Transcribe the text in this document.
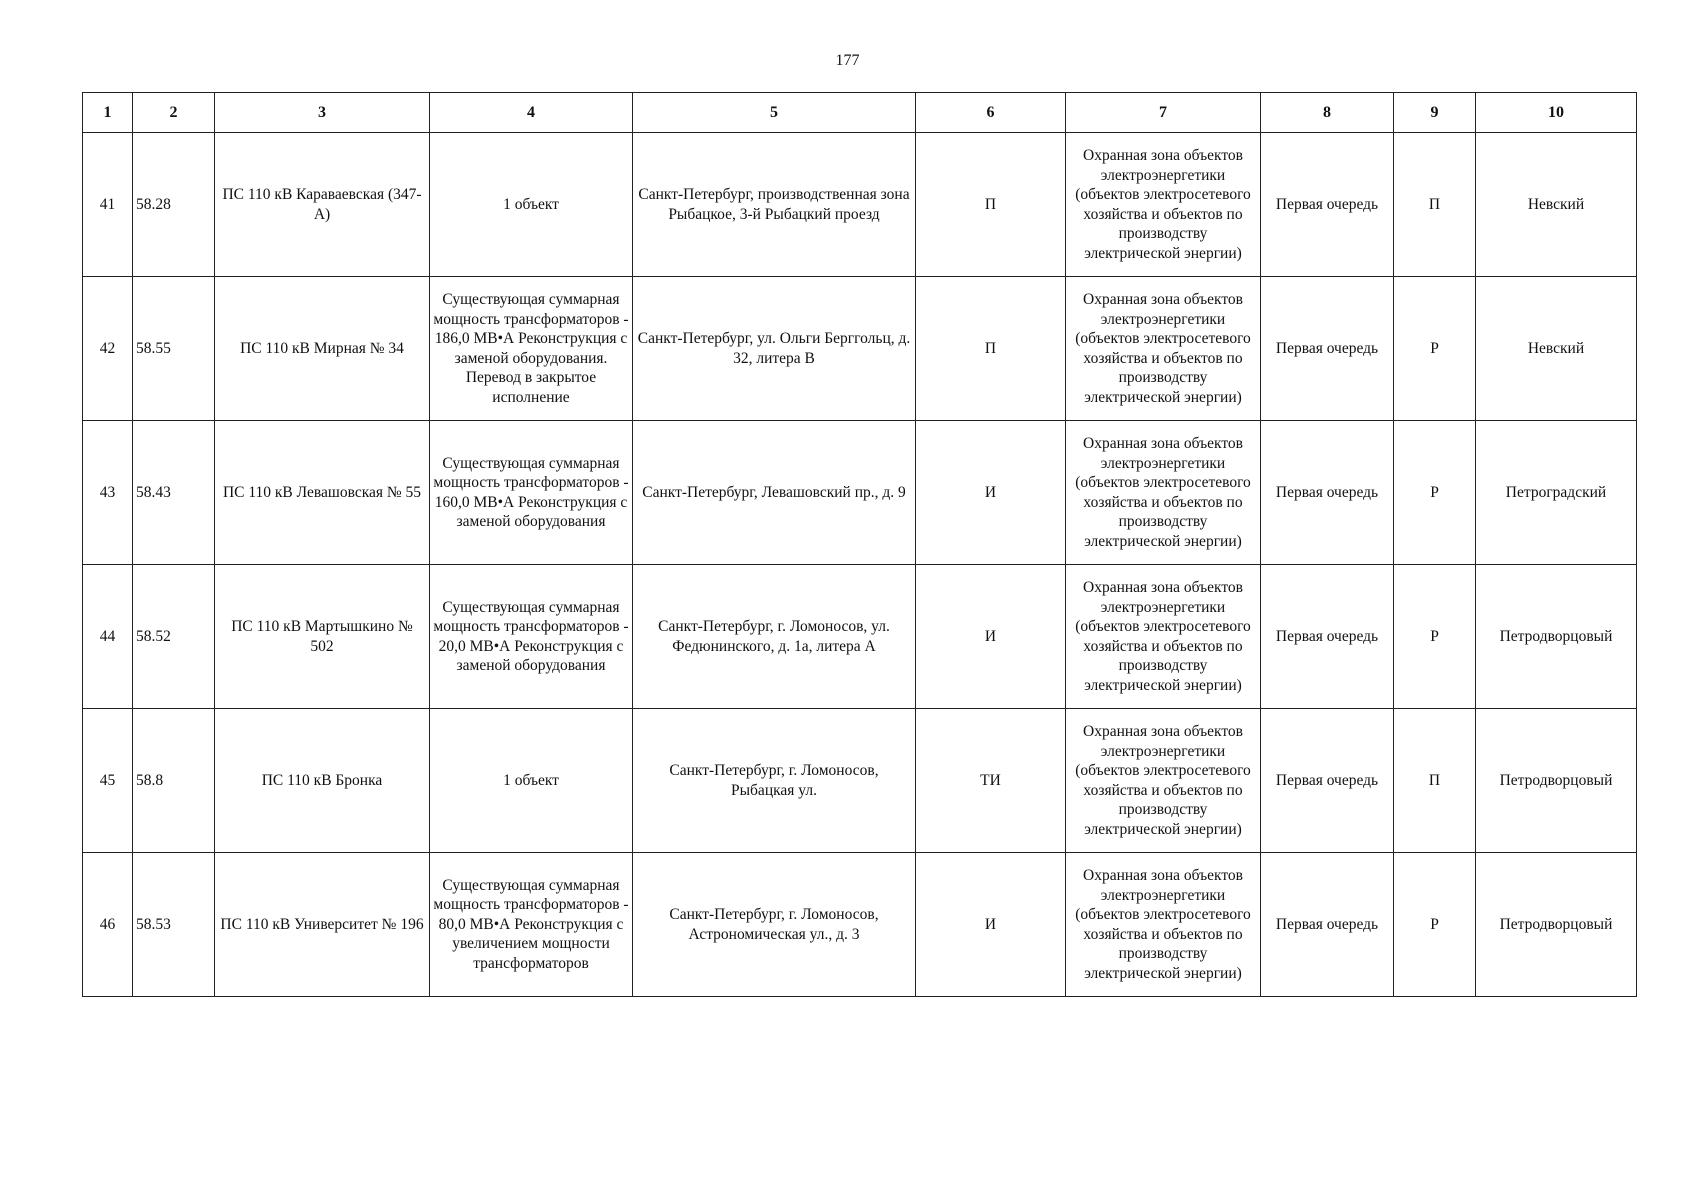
177
1	2	3	4	5	6	7	8	9	10
41	58.28	ПС 110 кВ Караваевская (347-А)	1 объект	Санкт-Петербург, производственная зона Рыбацкое, 3-й Рыбацкий проезд	П	Охранная зона объектов электроэнергетики (объектов электросетевого хозяйства и объектов по производству электрической энергии)	Первая очередь	П	Невский
42	58.55	ПС 110 кВ Мирная № 34	Существующая суммарная мощность трансформаторов - 186,0 МВ•А Реконструкция с заменой оборудования. Перевод в закрытое исполнение	Санкт-Петербург, ул. Ольги Берггольц, д. 32, литера В	П	Охранная зона объектов электроэнергетики (объектов электросетевого хозяйства и объектов по производству электрической энергии)	Первая очередь	Р	Невский
43	58.43	ПС 110 кВ Левашовская № 55	Существующая суммарная мощность трансформаторов - 160,0 МВ•А Реконструкция с заменой оборудования	Санкт-Петербург, Левашовский пр., д. 9	И	Охранная зона объектов электроэнергетики (объектов электросетевого хозяйства и объектов по производству электрической энергии)	Первая очередь	Р	Петроградский
44	58.52	ПС 110 кВ Мартышкино № 502	Существующая суммарная мощность трансформаторов - 20,0 МВ•А Реконструкция с заменой оборудования	Санкт-Петербург, г. Ломоносов, ул. Федюнинского, д. 1а, литера А	И	Охранная зона объектов электроэнергетики (объектов электросетевого хозяйства и объектов по производству электрической энергии)	Первая очередь	Р	Петродворцовый
45	58.8	ПС 110 кВ Бронка	1 объект	Санкт-Петербург, г. Ломоносов, Рыбацкая ул.	ТИ	Охранная зона объектов электроэнергетики (объектов электросетевого хозяйства и объектов по производству электрической энергии)	Первая очередь	П	Петродворцовый
46	58.53	ПС 110 кВ Университет № 196	Существующая суммарная мощность трансформаторов - 80,0 МВ•А Реконструкция с увеличением мощности трансформаторов	Санкт-Петербург, г. Ломоносов, Астрономическая ул., д. 3	И	Охранная зона объектов электроэнергетики (объектов электросетевого хозяйства и объектов по производству электрической энергии)	Первая очередь	Р	Петродворцовый
